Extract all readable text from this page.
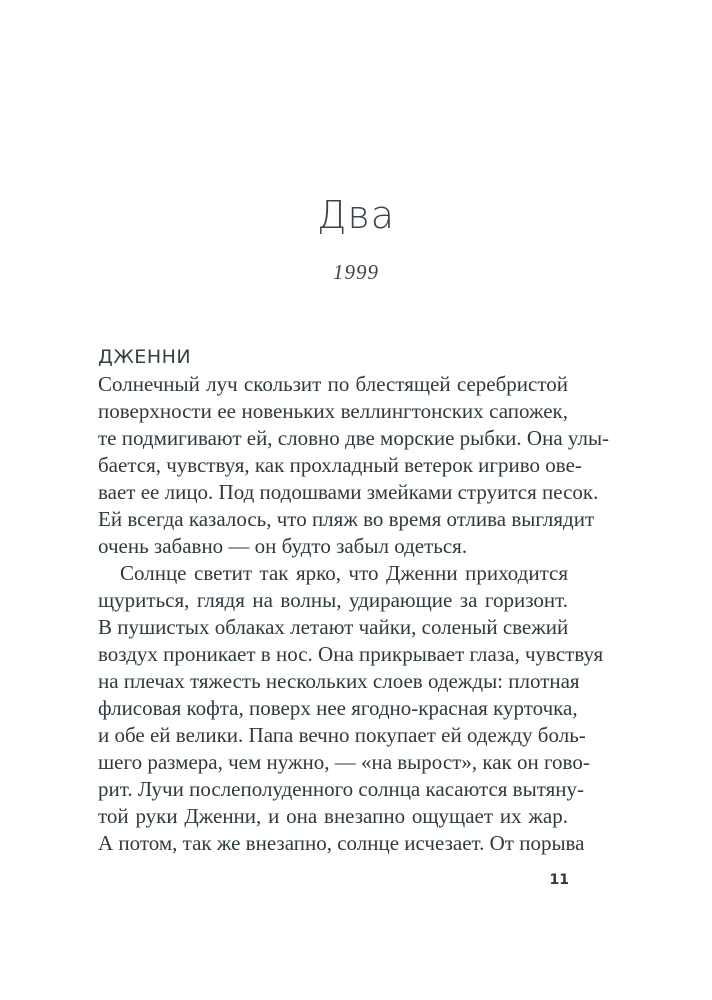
Два
1999
ДЖЕННИ
Солнечный луч скользит по блестящей серебристой
поверхности ее новеньких веллингтонских сапожек,
те подмигивают ей, словно две морские рыбки. Она улы-
бается, чувствуя, как прохладный ветерок игриво ове-
вает ее лицо. Под подошвами змейками струится песок.
Ей всегда казалось, что пляж во время отлива выглядит
очень забавно — он будто забыл одеться.
Солнце светит так ярко, что Дженни приходится
щуриться, глядя на волны, удирающие за горизонт.
В пушистых облаках летают чайки, соленый свежий
воздух проникает в нос. Она прикрывает глаза, чувствуя
на плечах тяжесть нескольких слоев одежды: плотная
флисовая кофта, поверх нее ягодно-красная курточка,
и обе ей велики. Папа вечно покупает ей одежду боль-
шего размера, чем нужно, — «на вырост», как он гово-
рит. Лучи послеполуденного солнца касаются вытяну-
той руки Дженни, и она внезапно ощущает их жар.
А потом, так же внезапно, солнце исчезает. От порыва
11
